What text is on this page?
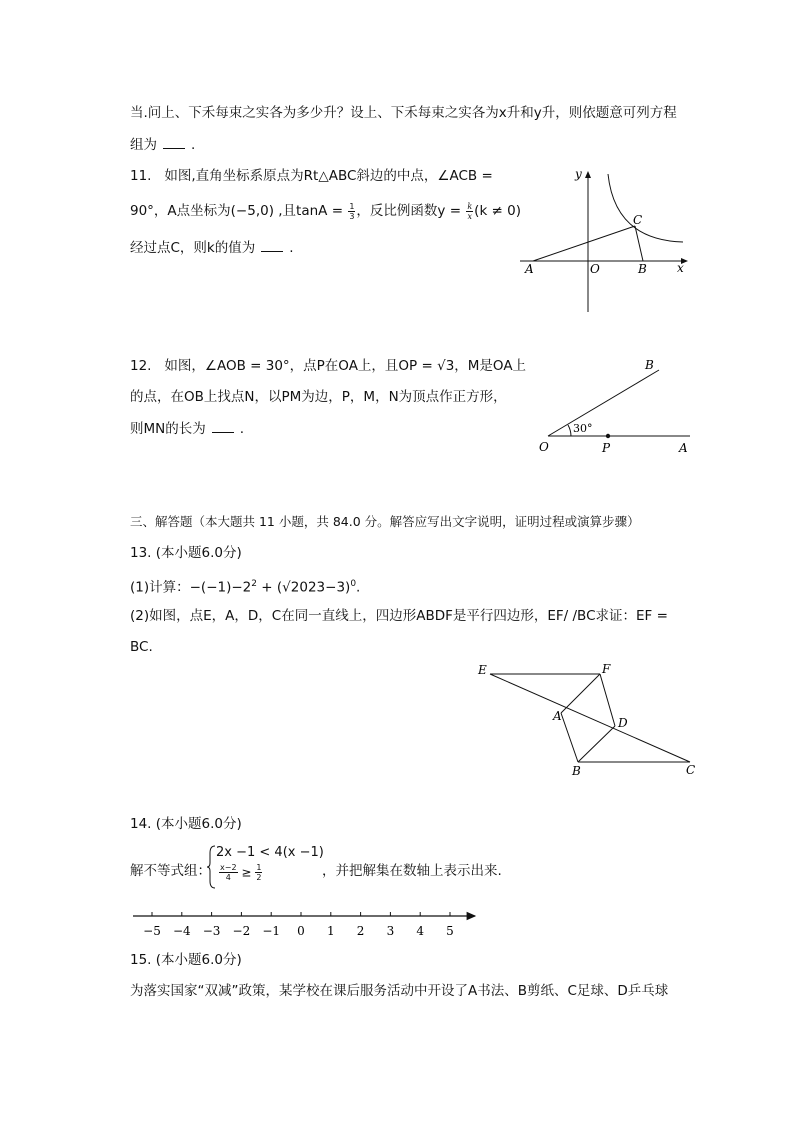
当.问上、下禾每束之实各为多少升？设上、下禾每束之实各为x升和y升，则依题意可列方程
组为	.
11. 如图,直角坐标系原点为Rt△ABC斜边的中点，∠ACB =
90°，A点坐标为(−5,0) ,且$\tan A = \frac{1}{3}$ ，反比例函数$y = \frac{k}{x} (k \ne 0)$
经过点C，则k的值为	.
y
x
A	O	B
C
12. 如图，∠AOB = 30°，点P在OA上，且OP = √3，M是OA上
的点，在OB上找点N，以PM为边，P，M，N为顶点作正方形，
则MN的长为	.
B
O	P	A
30°
三、解答题（本大题共 11 小题，共 84.0 分。解答应写出文字说明，证明过程或演算步骤）
13. (本小题6.0分)
(1)计算：$-(-1)-2^2 + (√2023-3)^0$.
(2)如图，点E，A，D，C在同一直线上，四边形ABDF是平行四边形，EF/ /BC求证：EF =
BC.
E	F
A	D
B	C
14. (本小题6.0分)
解不等式组：
2x −1 < 4(x −1)
$\frac{x-2}{4} \ge \frac{1}{2}$	，并把解集在数轴上表示出来.
−5 −4 −3 −2 −1 0 1 2 3 4 5
15. (本小题6.0分)
为落实国家“双减”政策，某学校在课后服务活动中开设了A书法、B剪纸、C足球、D乒乓球
